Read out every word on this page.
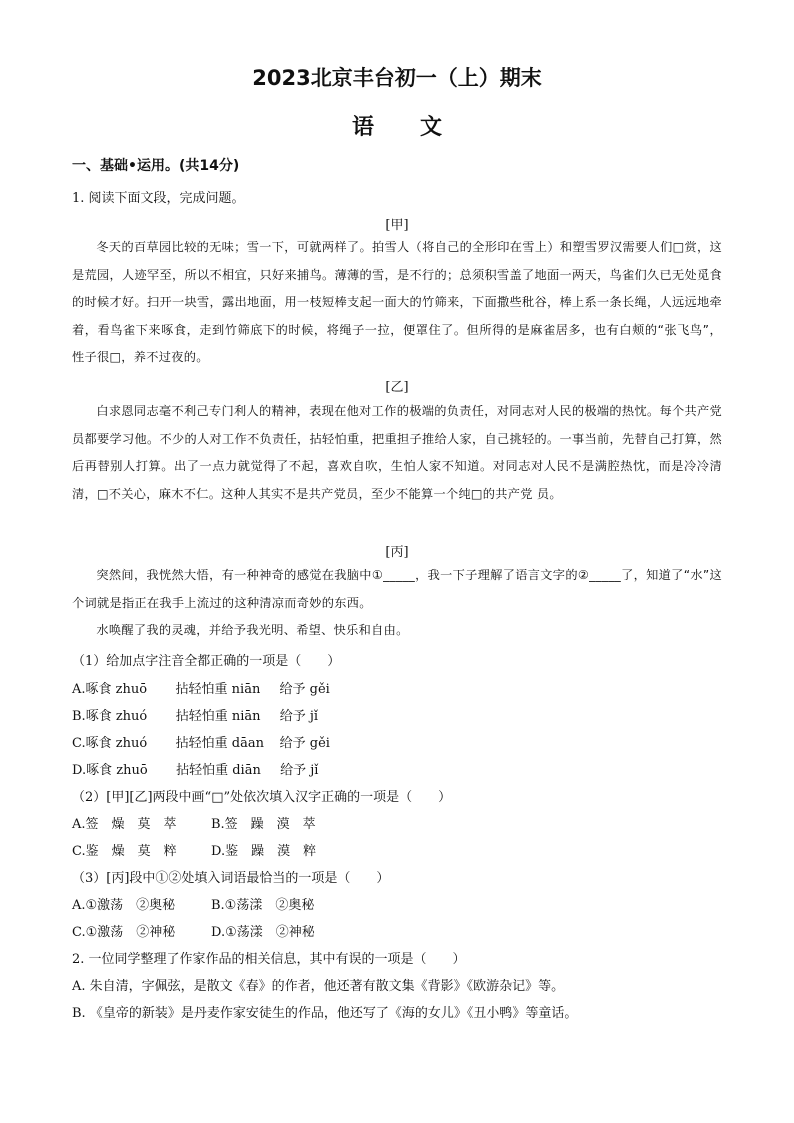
2023北京丰台初一（上）期末
语文
一、基础•运用。(共14分)
1. 阅读下面文段，完成问题。
[甲]
冬天的百草园比较的无味；雪一下，可就两样了。拍雪人（将自己的全形印在雪上）和塑雪罗汉需要人们□赏，这是荒园，人迹罕至，所以不相宜，只好来捕鸟。薄薄的雪，是不行的；总须积雪盖了地面一两天，鸟雀们久已无处觅食的时候才好。扫开一块雪，露出地面，用一枝短棒支起一面大的竹筛来，下面撒些秕谷，棒上系一条长绳，人远远地牵着，看鸟雀下来啄食，走到竹筛底下的时候，将绳子一拉，便罩住了。但所得的是麻雀居多，也有白颊的“张飞鸟”，性子很□，养不过夜的。
[乙]
白求恩同志毫不利己专门利人的精神，表现在他对工作的极端的负责任，对同志对人民的极端的热忱。每个共产党员都要学习他。不少的人对工作不负责任，拈轻怕重，把重担子推给人家，自己挑轻的。一事当前，先替自己打算，然后再替别人打算。出了一点力就觉得了不起，喜欢自吹，生怕人家不知道。对同志对人民不是满腔热忱，而是冷冷清清，□不关心，麻木不仁。这种人其实不是共产党员，至少不能算一个纯□的共产党 员。
[丙]
突然间，我恍然大悟，有一种神奇的感觉在我脑中①_____，我一下子理解了语言文字的②_____了，知道了“水”这个词就是指正在我手上流过的这种清凉而奇妙的东西。
水唤醒了我的灵魂，并给予我光明、希望、快乐和自由。
（1）给加点字注音全都正确的一项是（　　）
A.啄食 zhuō 拈轻怕重 niān 给予 gěi
B.啄食 zhuó 拈轻怕重 niān 给予 jǐ
C.啄食 zhuó 拈轻怕重 dāan 给予 gěi
D.啄食 zhuō 拈轻怕重 diān 给予 jǐ
（2）[甲][乙]两段中画“□”处依次填入汉字正确的一项是（　　）
A.签　燥　莫　萃	B.签　躁　漠　萃
C.鉴　燥　莫　粹	D.鉴　躁　漠　粹
（3）[丙]段中①②处填入词语最恰当的一项是（　　）
A.①激荡　②奥秘	B.①荡漾　②奥秘
C.①激荡　②神秘	D.①荡漾　②神秘
2. 一位同学整理了作家作品的相关信息，其中有误的一项是（　　）
A. 朱自清，字佩弦，是散文《春》的作者，他还著有散文集《背影》《欧游杂记》等。
B. 《皇帝的新装》是丹麦作家安徒生的作品，他还写了《海的女儿》《丑小鸭》等童话。
